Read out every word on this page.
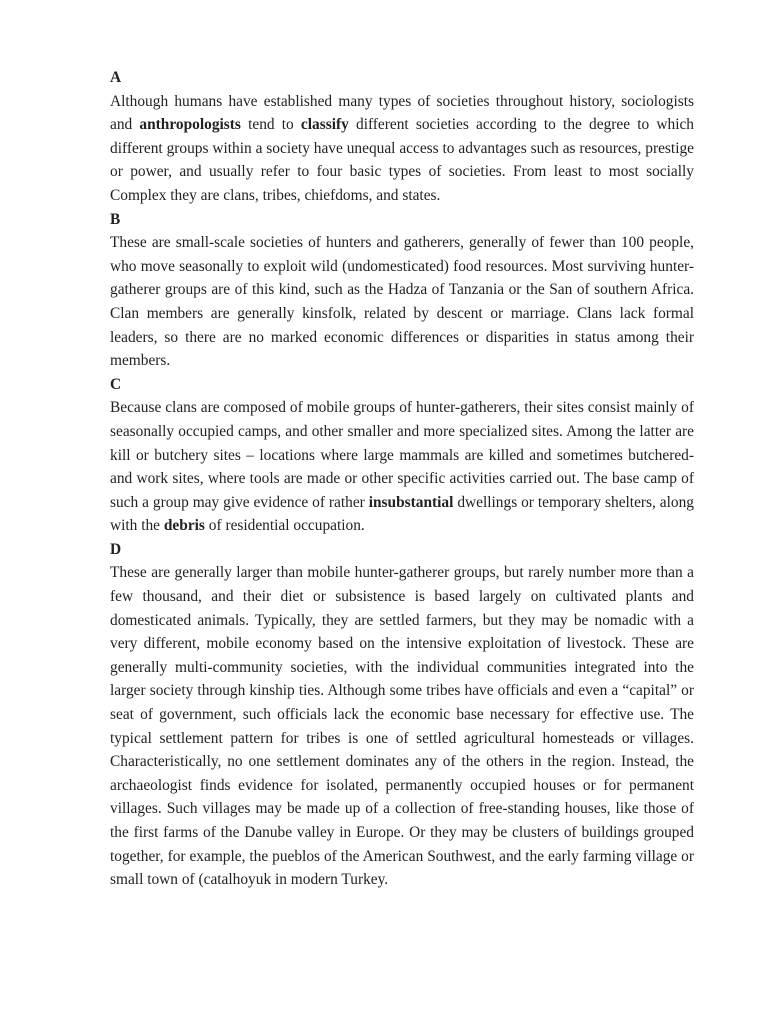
A

Although humans have established many types of societies throughout history, sociologists and anthropologists tend to classify different societies according to the degree to which different groups within a society have unequal access to advantages such as resources, prestige or power, and usually refer to four basic types of societies. From least to most socially Complex they are clans, tribes, chiefdoms, and states.

B

These are small-scale societies of hunters and gatherers, generally of fewer than 100 people, who move seasonally to exploit wild (undomesticated) food resources. Most surviving hunter-gatherer groups are of this kind, such as the Hadza of Tanzania or the San of southern Africa. Clan members are generally kinsfolk, related by descent or marriage. Clans lack formal leaders, so there are no marked economic differences or disparities in status among their members.

C

Because clans are composed of mobile groups of hunter-gatherers, their sites consist mainly of seasonally occupied camps, and other smaller and more specialized sites. Among the latter are kill or butchery sites – locations where large mammals are killed and sometimes butchered-and work sites, where tools are made or other specific activities carried out. The base camp of such a group may give evidence of rather insubstantial dwellings or temporary shelters, along with the debris of residential occupation.

D

These are generally larger than mobile hunter-gatherer groups, but rarely number more than a few thousand, and their diet or subsistence is based largely on cultivated plants and domesticated animals. Typically, they are settled farmers, but they may be nomadic with a very different, mobile economy based on the intensive exploitation of livestock. These are generally multi-community societies, with the individual communities integrated into the larger society through kinship ties. Although some tribes have officials and even a “capital” or seat of government, such officials lack the economic base necessary for effective use. The typical settlement pattern for tribes is one of settled agricultural homesteads or villages. Characteristically, no one settlement dominates any of the others in the region. Instead, the archaeologist finds evidence for isolated, permanently occupied houses or for permanent villages. Such villages may be made up of a collection of free-standing houses, like those of the first farms of the Danube valley in Europe. Or they may be clusters of buildings grouped together, for example, the pueblos of the American Southwest, and the early farming village or small town of (catalhoyuk in modern Turkey.
